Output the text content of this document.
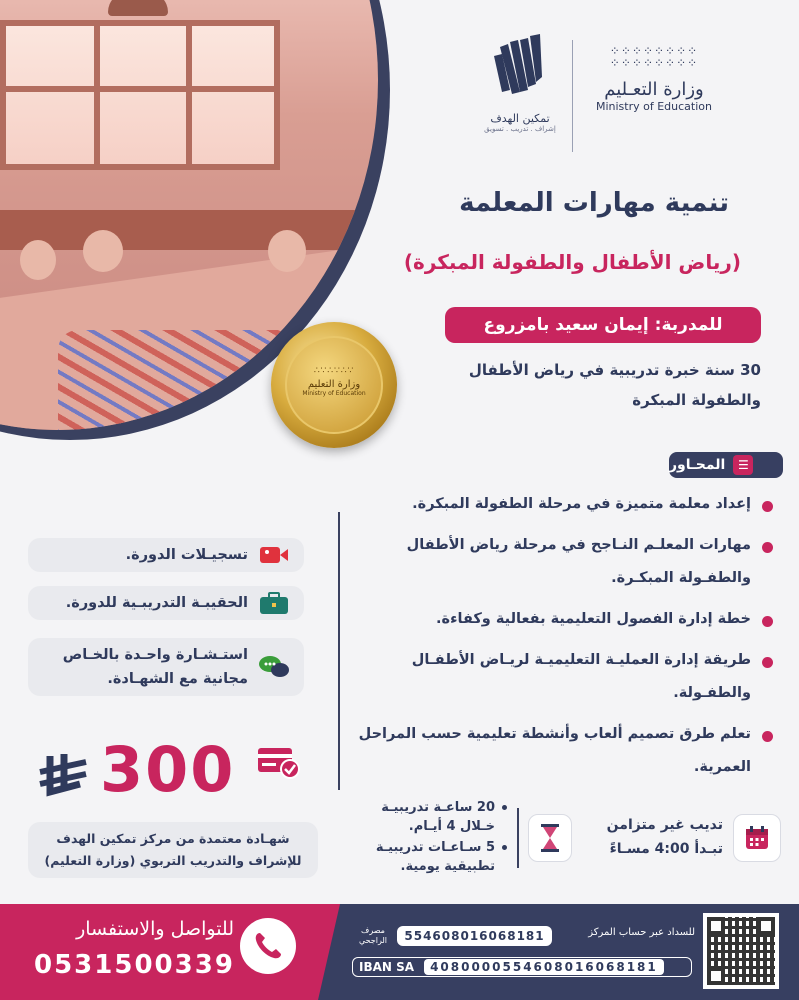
∴∵∴∵∴∵
وزارة التعليم
Ministry of Education
⁘⁘⁘⁘⁘⁘⁘⁘
⁘⁘⁘⁘⁘⁘⁘⁘
وزارة التعـليم
Ministry of Education
تمكين الهدف
إشراف . تدريب . تسويق
تنمية مهارات المعلمة
(رياض الأطفال والطفولة المبكرة)
للمدربة: إيمان سعيد بامزروع
30 سنة خبرة تدريبية في رياض الأطفال والطفولة المبكرة
☰
المحـاور
إعداد معلمة متميزة في مرحلة الطفولة المبكرة.
مهارات المعلـم النـاجح في مرحلة رياض الأطفال والطفـولة المبكـرة.
خطة إدارة الفصول التعليمية بفعالية وكفاءة.
طريقة إدارة العمليـة التعليميـة لريـاض الأطفـال والطفـولة.
تعلم طرق تصميم ألعاب وأنشطة تعليمية حسب المراحل العمرية.
تسجيـلات الدورة.
الحقيبـة التدريبـية للدورة.
استـشـارة واحـدة بالخـاص مجانية مع الشهـادة.
300
شهـادة معتمدة من مركز تمكين الهدف للإشراف والتدريب التربوي (وزارة التعليم)
تديب غير متزامن
تبـدأ 4:00 مسـاءً
20 ساعـة تدريبيـة خـلال 4 أيـام.
5 سـاعـات تدريبيـة تطبيقية يومية.
للتواصل والاستفسار
0531500339
للسداد عبر حساب المركز
مصرف الراجحي	554608016068181
IBAN SA	4080000554608016068181
